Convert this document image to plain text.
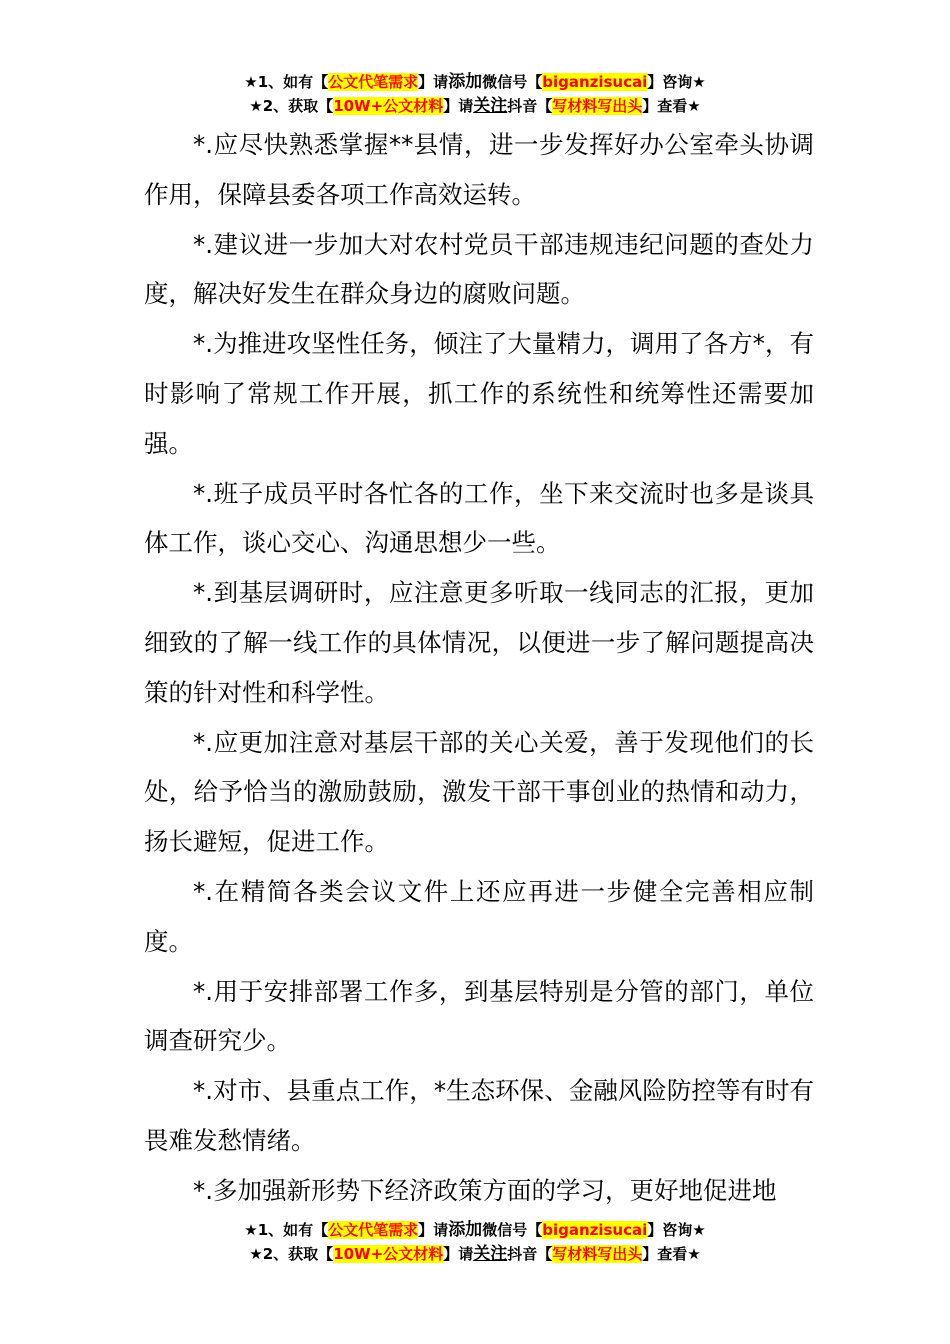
★1、如有【公文代笔需求】请添加微信号【biganzisucai】咨询★
★2、获取【10W+公文材料】请关注抖音【写材料写出头】查看★

*.应尽快熟悉掌握**县情，进一步发挥好办公室牵头协调作用，保障县委各项工作高效运转。

*.建议进一步加大对农村党员干部违规违纪问题的查处力度，解决好发生在群众身边的腐败问题。

*.为推进攻坚性任务，倾注了大量精力，调用了各方*，有时影响了常规工作开展，抓工作的系统性和统筹性还需要加强。

*.班子成员平时各忙各的工作，坐下来交流时也多是谈具体工作，谈心交心、沟通思想少一些。

*.到基层调研时，应注意更多听取一线同志的汇报，更加细致的了解一线工作的具体情况，以便进一步了解问题提高决策的针对性和科学性。

*.应更加注意对基层干部的关心关爱，善于发现他们的长处，给予恰当的激励鼓励，激发干部干事创业的热情和动力，扬长避短，促进工作。

*.在精简各类会议文件上还应再进一步健全完善相应制度。

*.用于安排部署工作多，到基层特别是分管的部门，单位调查研究少。

*.对市、县重点工作，*生态环保、金融风险防控等有时有畏难发愁情绪。

*.多加强新形势下经济政策方面的学习，更好地促进地

★1、如有【公文代笔需求】请添加微信号【biganzisucai】咨询★
★2、获取【10W+公文材料】请关注抖音【写材料写出头】查看★
